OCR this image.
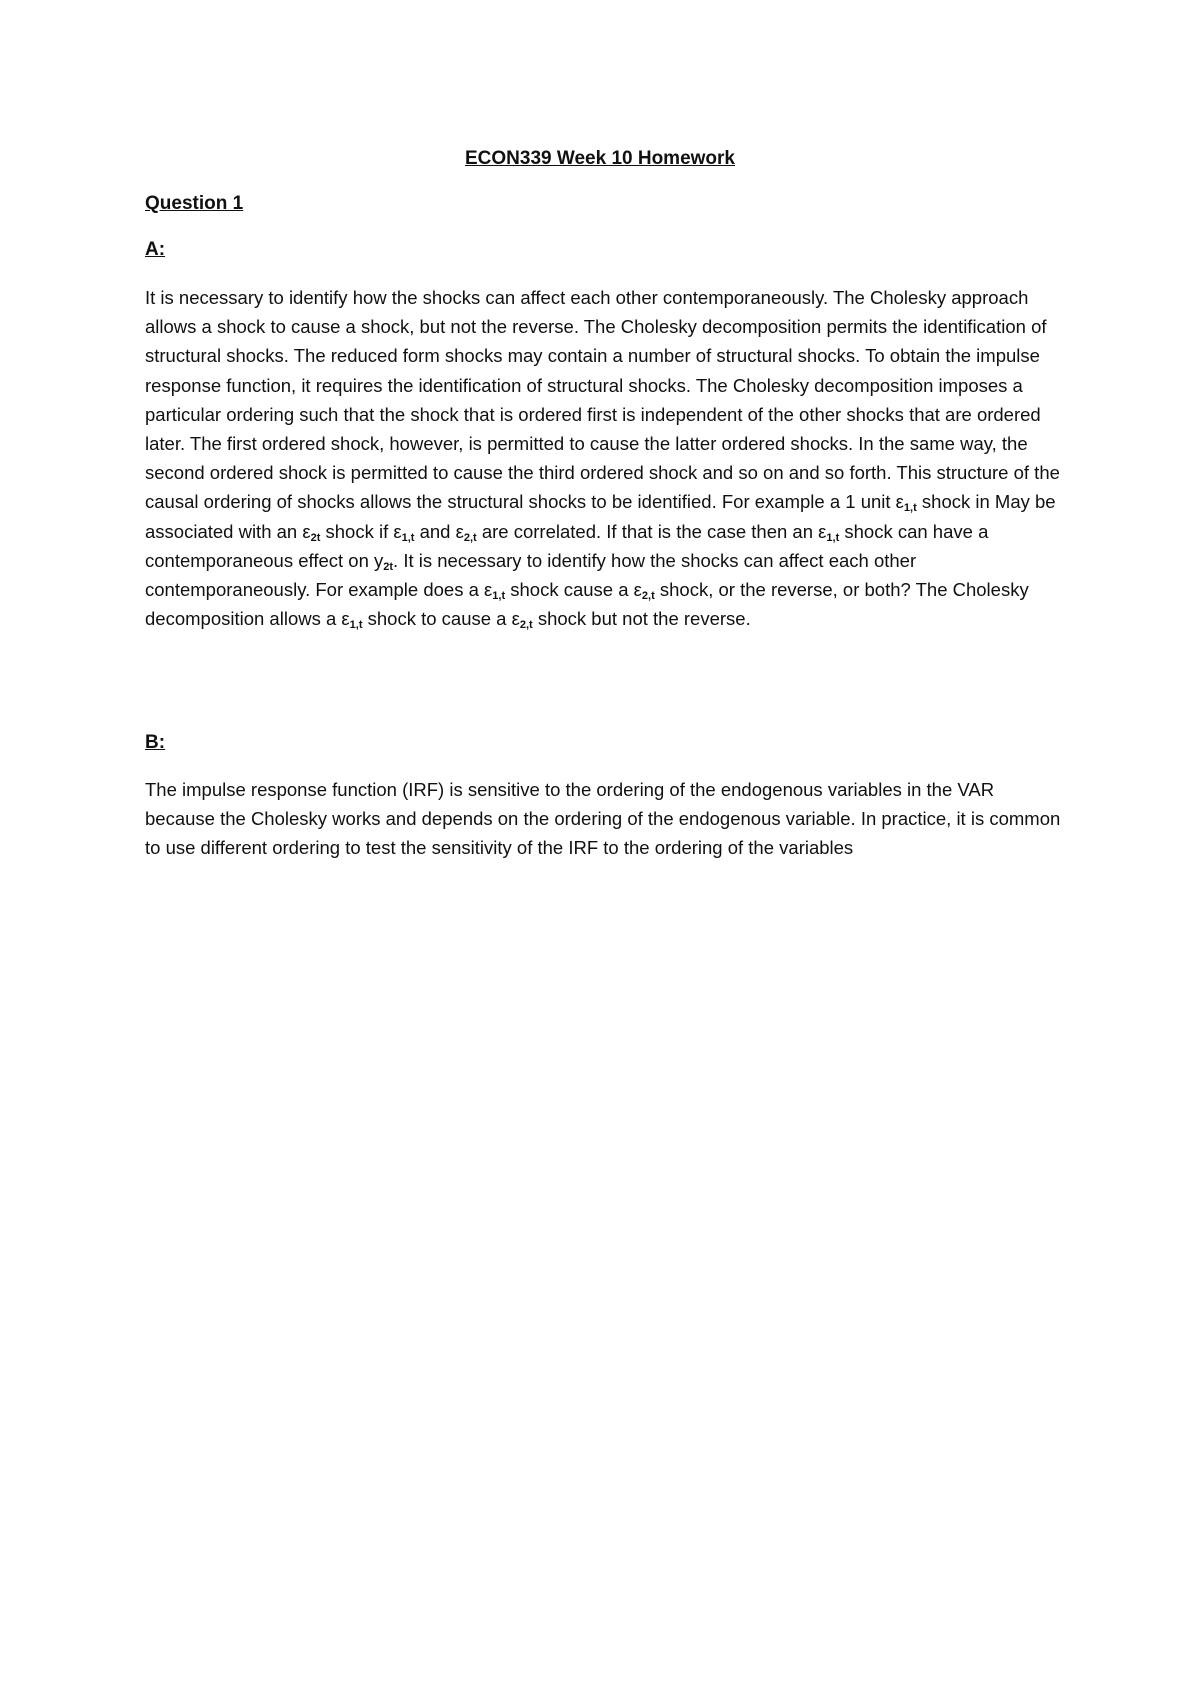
ECON339 Week 10 Homework
Question 1
A:

It is necessary to identify how the shocks can affect each other contemporaneously. The Cholesky approach allows a shock to cause a shock, but not the reverse. The Cholesky decomposition permits the identification of structural shocks. The reduced form shocks may contain a number of structural shocks. To obtain the impulse response function, it requires the identification of structural shocks. The Cholesky decomposition imposes a particular ordering such that the shock that is ordered first is independent of the other shocks that are ordered later. The first ordered shock, however, is permitted to cause the latter ordered shocks. In the same way, the second ordered shock is permitted to cause the third ordered shock and so on and so forth. This structure of the causal ordering of shocks allows the structural shocks to be identified. For example a 1 unit $\varepsilon_{1,t}$ shock in May be associated with an $\varepsilon_{2t}$ shock if $\varepsilon_{1,t}$ and $\varepsilon_{2,t}$ are correlated. If that is the case then an $\varepsilon_{1,t}$ shock can have a contemporaneous effect on $y_{2t}$. It is necessary to identify how the shocks can affect each other contemporaneously. For example does a $\varepsilon_{1,t}$ shock cause a $\varepsilon_{2,t}$ shock, or the reverse, or both? The Cholesky decomposition allows a $\varepsilon_{1,t}$ shock to cause a $\varepsilon_{2,t}$ shock but not the reverse.

B:

The impulse response function (IRF) is sensitive to the ordering of the endogenous variables in the VAR because the Cholesky works and depends on the ordering of the endogenous variable. In practice, it is common to use different ordering to test the sensitivity of the IRF to the ordering of the variables
